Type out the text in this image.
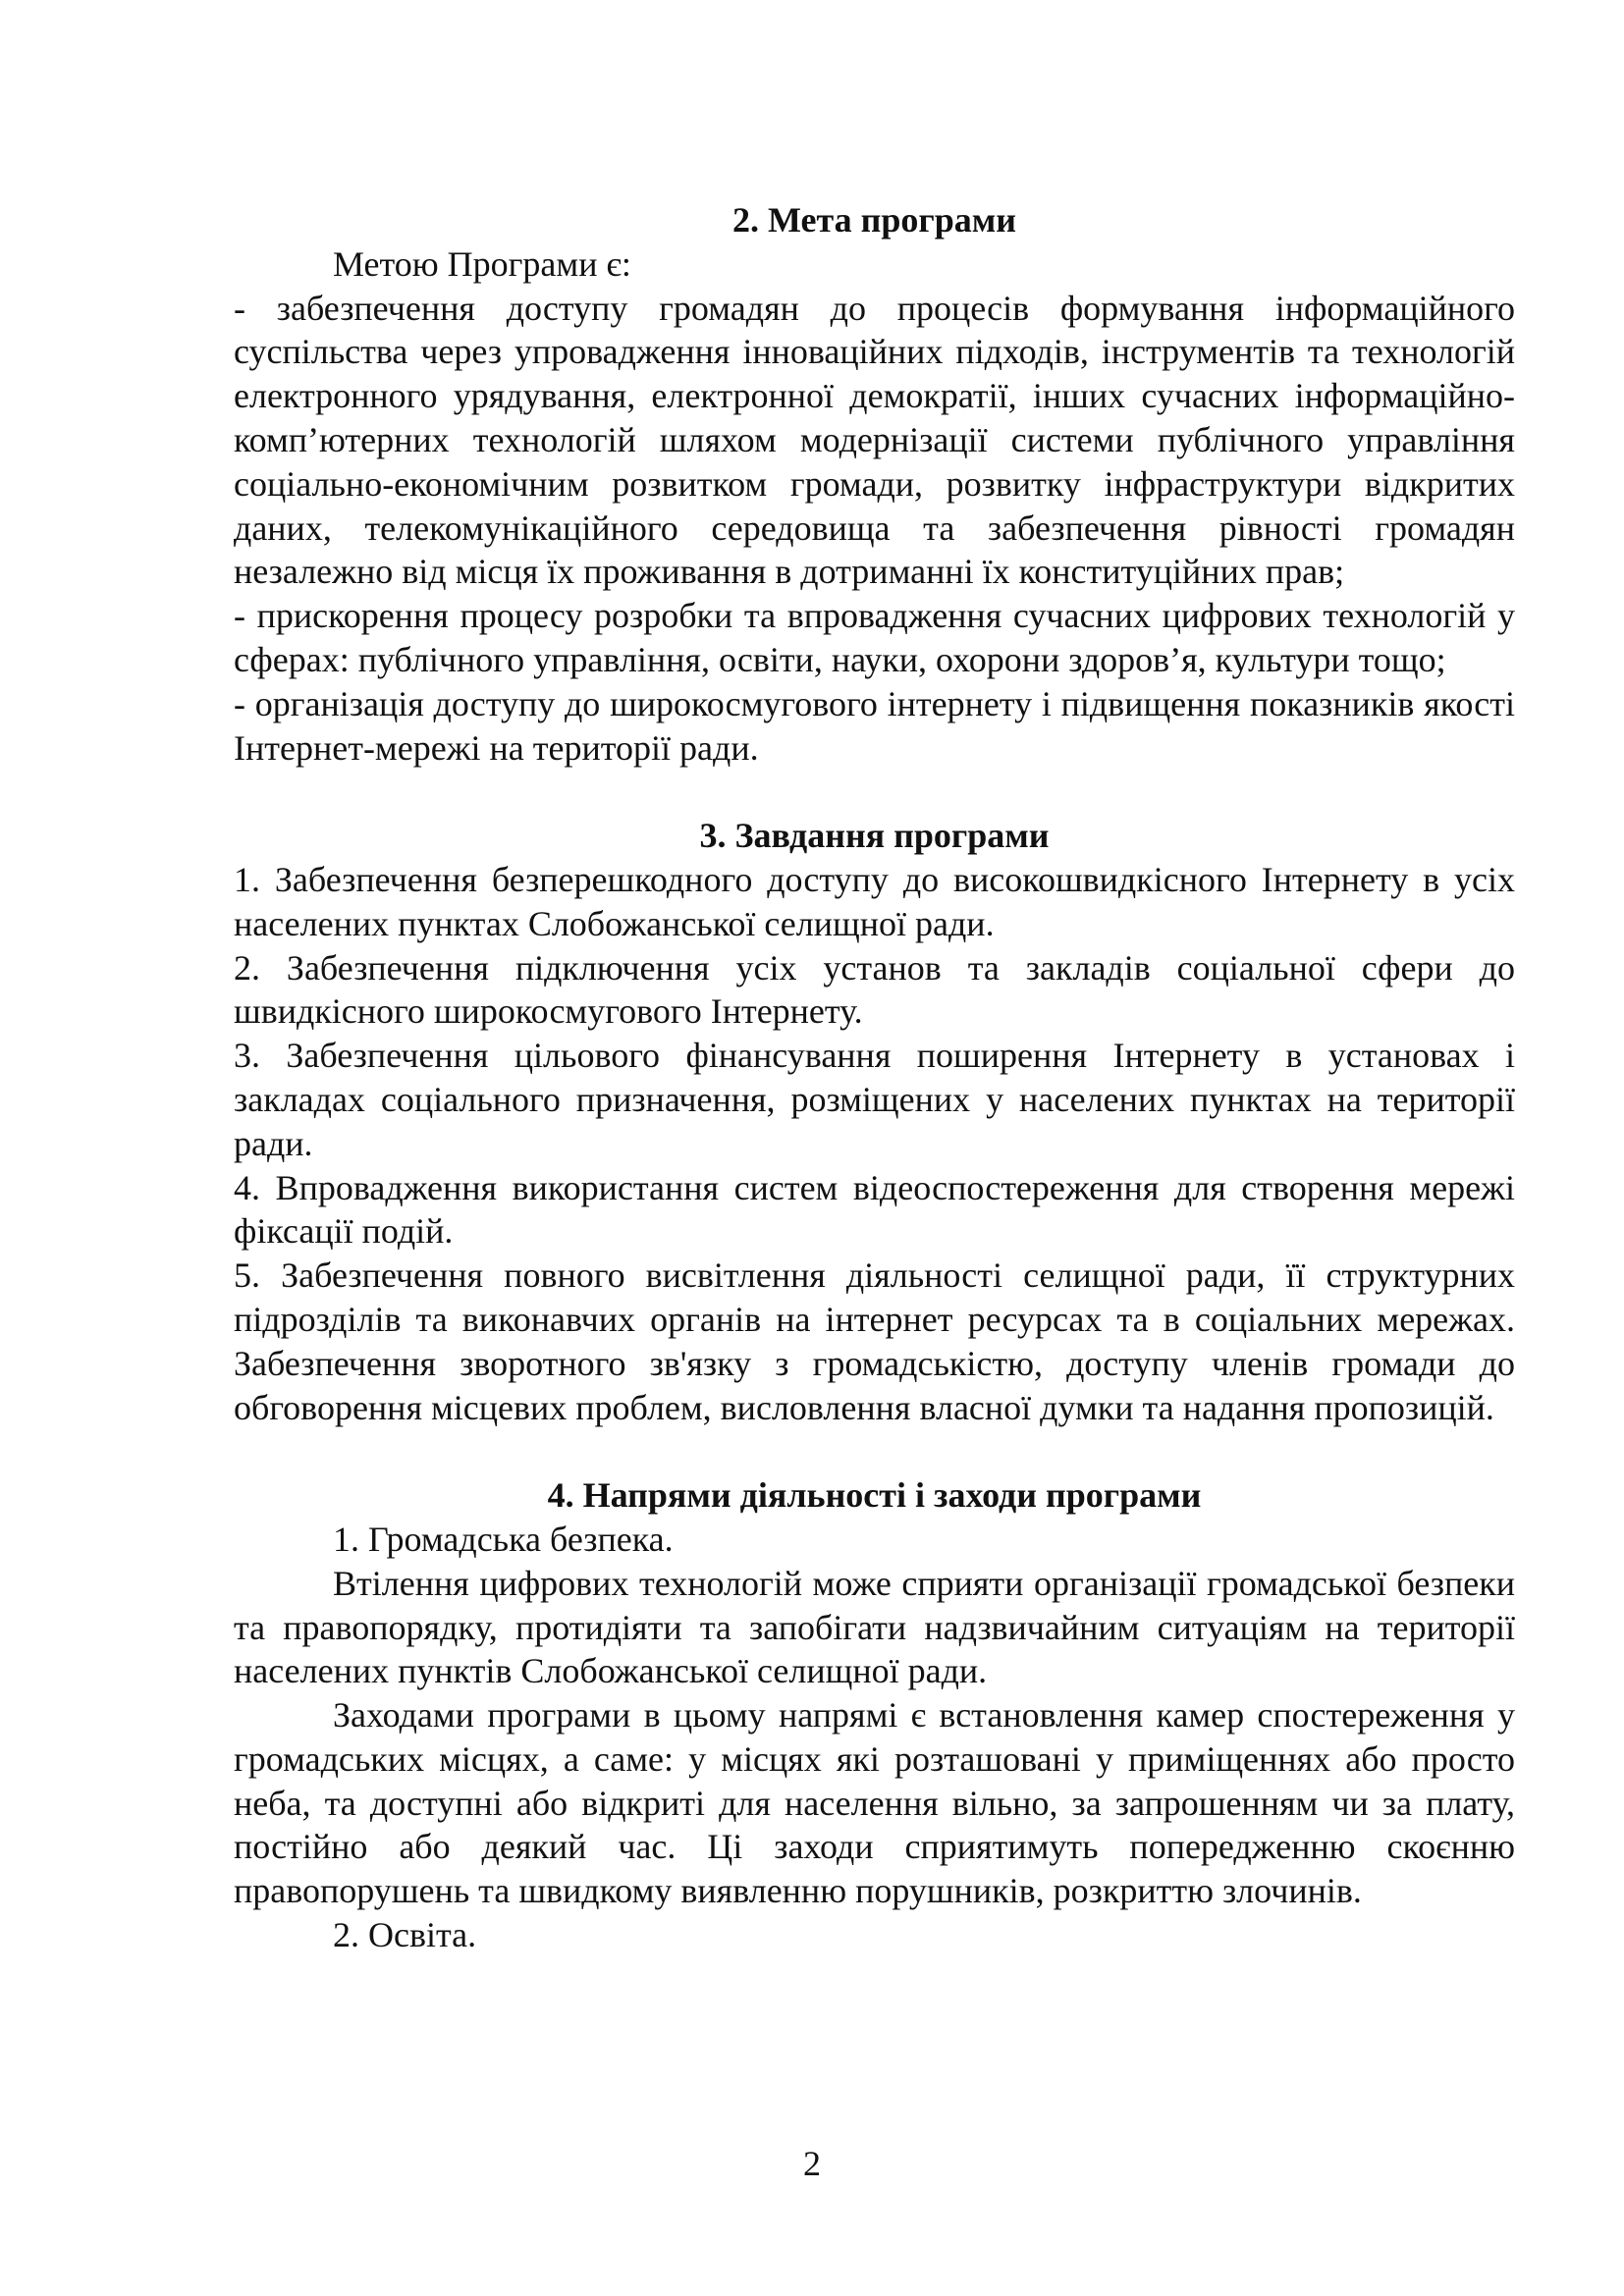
2. Мета програми
Метою Програми є:
- забезпечення доступу громадян до процесів формування інформаційного суспільства через упровадження інноваційних підходів, інструментів та технологій електронного урядування, електронної демократії, інших сучасних інформаційно-комп’ютерних технологій шляхом модернізації системи публічного управління соціально-економічним розвитком громади, розвитку інфраструктури відкритих даних, телекомунікаційного середовища та забезпечення рівності громадян незалежно від місця їх проживання в дотриманні їх конституційних прав;
- прискорення процесу розробки та впровадження сучасних цифрових технологій у сферах: публічного управління, освіти, науки, охорони здоров’я, культури тощо;
- організація доступу до широкосмугового інтернету і підвищення показників якості Інтернет-мережі на території ради.
3. Завдання програми
1. Забезпечення безперешкодного доступу до високошвидкісного Інтернету в усіх населених пунктах Слобожанської селищної ради.
2. Забезпечення підключення усіх установ та закладів соціальної сфери до швидкісного широкосмугового Інтернету.
3. Забезпечення цільового фінансування поширення Інтернету в установах і закладах соціального призначення, розміщених у населених пунктах на території ради.
4. Впровадження використання систем відеоспостереження для створення мережі фіксації подій.
5. Забезпечення повного висвітлення діяльності селищної ради, її структурних підрозділів та виконавчих органів на інтернет ресурсах та в соціальних мережах. Забезпечення зворотного зв'язку з громадськістю, доступу членів громади до обговорення місцевих проблем, висловлення власної думки та надання пропозицій.
4. Напрями діяльності і заходи програми
1. Громадська безпека.
Втілення цифрових технологій може сприяти організації громадської безпеки та правопорядку, протидіяти та запобігати надзвичайним ситуаціям на території населених пунктів Слобожанської селищної ради.
Заходами програми в цьому напрямі є встановлення камер спостереження у громадських місцях, а саме: у місцях які розташовані у приміщеннях або просто неба, та доступні або відкриті для населення вільно, за запрошенням чи за плату, постійно або деякий час. Ці заходи сприятимуть попередженню скоєнню правопорушень та швидкому виявленню порушників, розкриттю злочинів.
2. Освіта.
2
